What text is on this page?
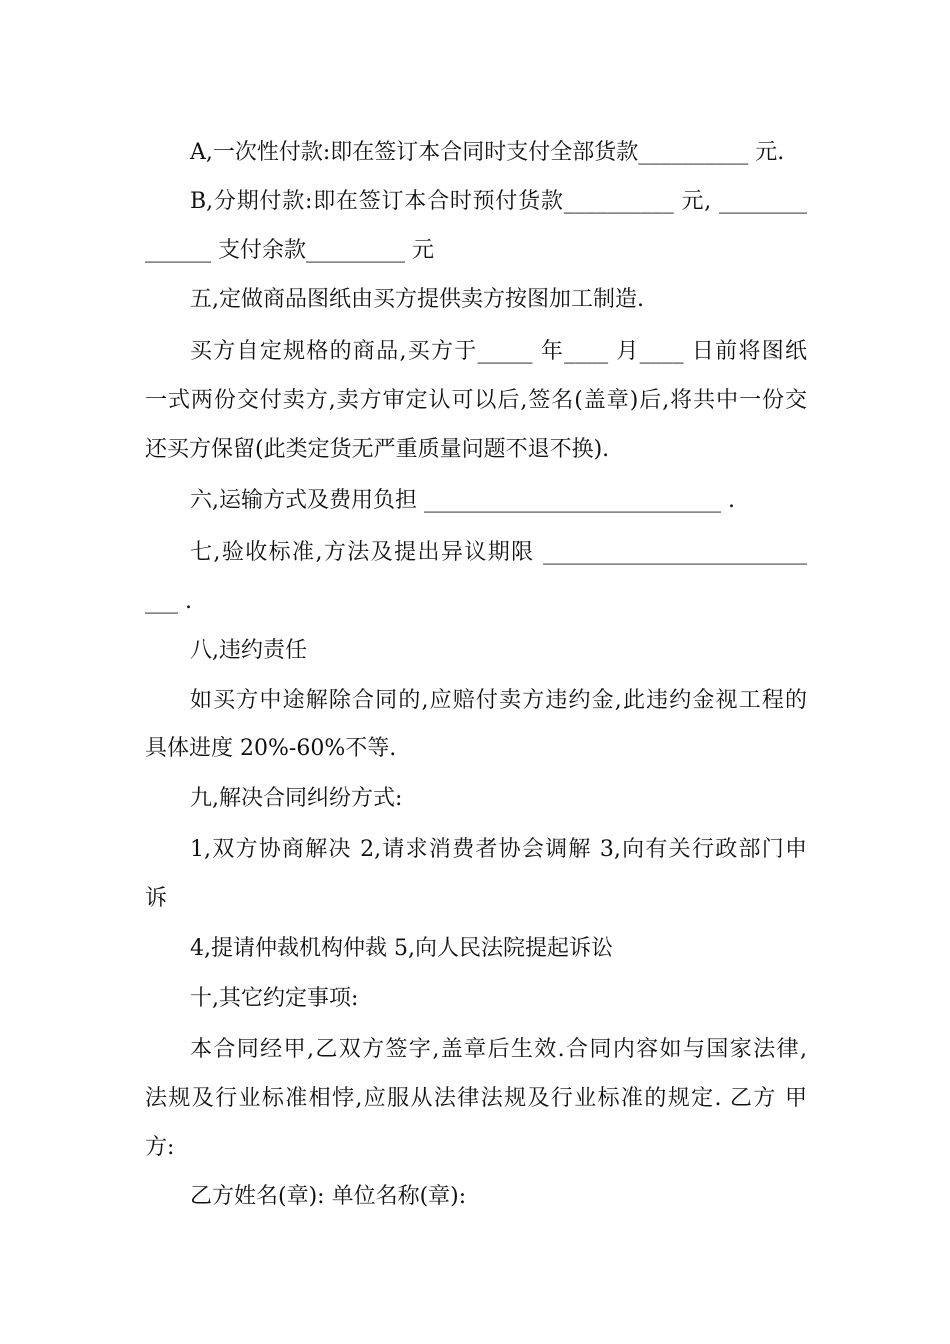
A,一次性付款:即在签订本合同时支付全部货款__________ 元.

B,分期付款:即在签订本合时预付货款__________ 元, ________

______ 支付余款_________ 元

五,定做商品图纸由买方提供卖方按图加工制造.

买方自定规格的商品,买方于_____ 年____ 月____ 日前将图纸

一式两份交付卖方,卖方审定认可以后,签名(盖章)后,将共中一份交

还买方保留(此类定货无严重质量问题不退不换).

六,运输方式及费用负担 ___________________________ .

七,验收标准,方法及提出异议期限 ________________________

___ .

八,违约责任

如买方中途解除合同的,应赔付卖方违约金,此违约金视工程的

具体进度 20%-60%不等.

九,解决合同纠纷方式:

1,双方协商解决 2,请求消费者协会调解 3,向有关行政部门申

诉

4,提请仲裁机构仲裁 5,向人民法院提起诉讼

十,其它约定事项:

本合同经甲,乙双方签字,盖章后生效.合同内容如与国家法律,

法规及行业标准相悖,应服从法律法规及行业标准的规定. 乙方 甲

方:

乙方姓名(章): 单位名称(章):
